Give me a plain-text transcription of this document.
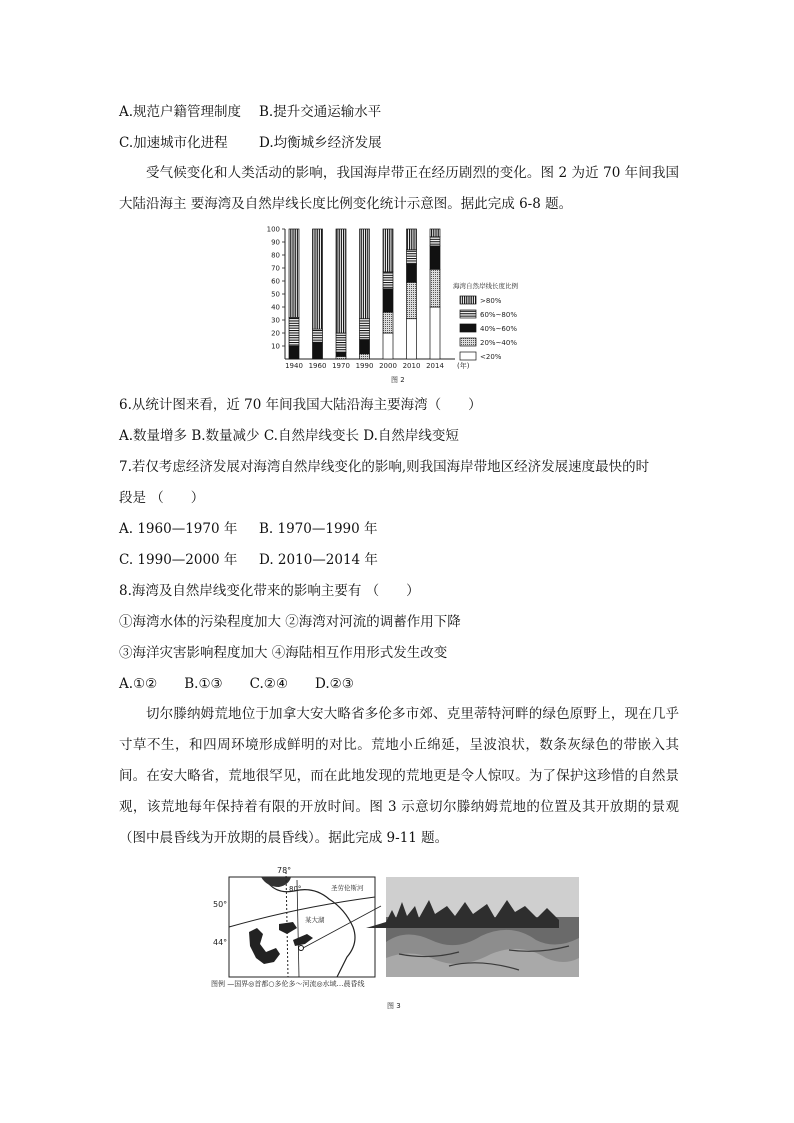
A.规范户籍管理制度 B.提升交通运输水平
C.加速城市化进程 D.均衡城乡经济发展
受气候变化和人类活动的影响，我国海岸带正在经历剧烈的变化。图 2 为近 70 年间我国大陆沿海主 要海湾及自然岸线长度比例变化统计示意图。据此完成 6-8 题。
10
20
30
40
50
60
70
80
90
100
1940 1960 1970 1990 2000 2010 2014 (年)
海湾自然岸线长度比例
>80%
60%~80%
40%~60%
20%~40%
<20%
图 2
6.从统计图来看，近 70 年间我国大陆沿海主要海湾（　　）
A.数量增多 B.数量减少 C.自然岸线变长 D.自然岸线变短
7.若仅考虑经济发展对海湾自然岸线变化的影响,则我国海岸带地区经济发展速度最快的时
段是 （　　）
A. 1960—1970 年 B. 1970—1990 年
C. 1990—2000 年 D. 2010—2014 年
8.海湾及自然岸线变化带来的影响主要有 （　　）
①海湾水体的污染程度加大 ②海湾对河流的调蓄作用下降
③海洋灾害影响程度加大 ④海陆相互作用形式发生改变
A.①②　　B.①③　　C.②④　　D.②③
切尔滕纳姆荒地位于加拿大安大略省多伦多市郊、克里蒂特河畔的绿色原野上，现在几乎寸草不生，和四周环境形成鲜明的对比。荒地小丘绵延，呈波浪状，数条灰绿色的带嵌入其间。在安大略省，荒地很罕见，而在此地发现的荒地更是令人惊叹。为了保护这珍惜的自然景观，该荒地每年保持着有限的开放时间。图 3 示意切尔滕纳姆荒地的位置及其开放期的景观（图中晨昏线为开放期的晨昏线）。据此完成 9-11 题。
50°
44°
78°
80°	圣劳伦斯河
某大湖
图例 —国界◎首都○多伦多～河流◎水域…晨昏线
图 3
